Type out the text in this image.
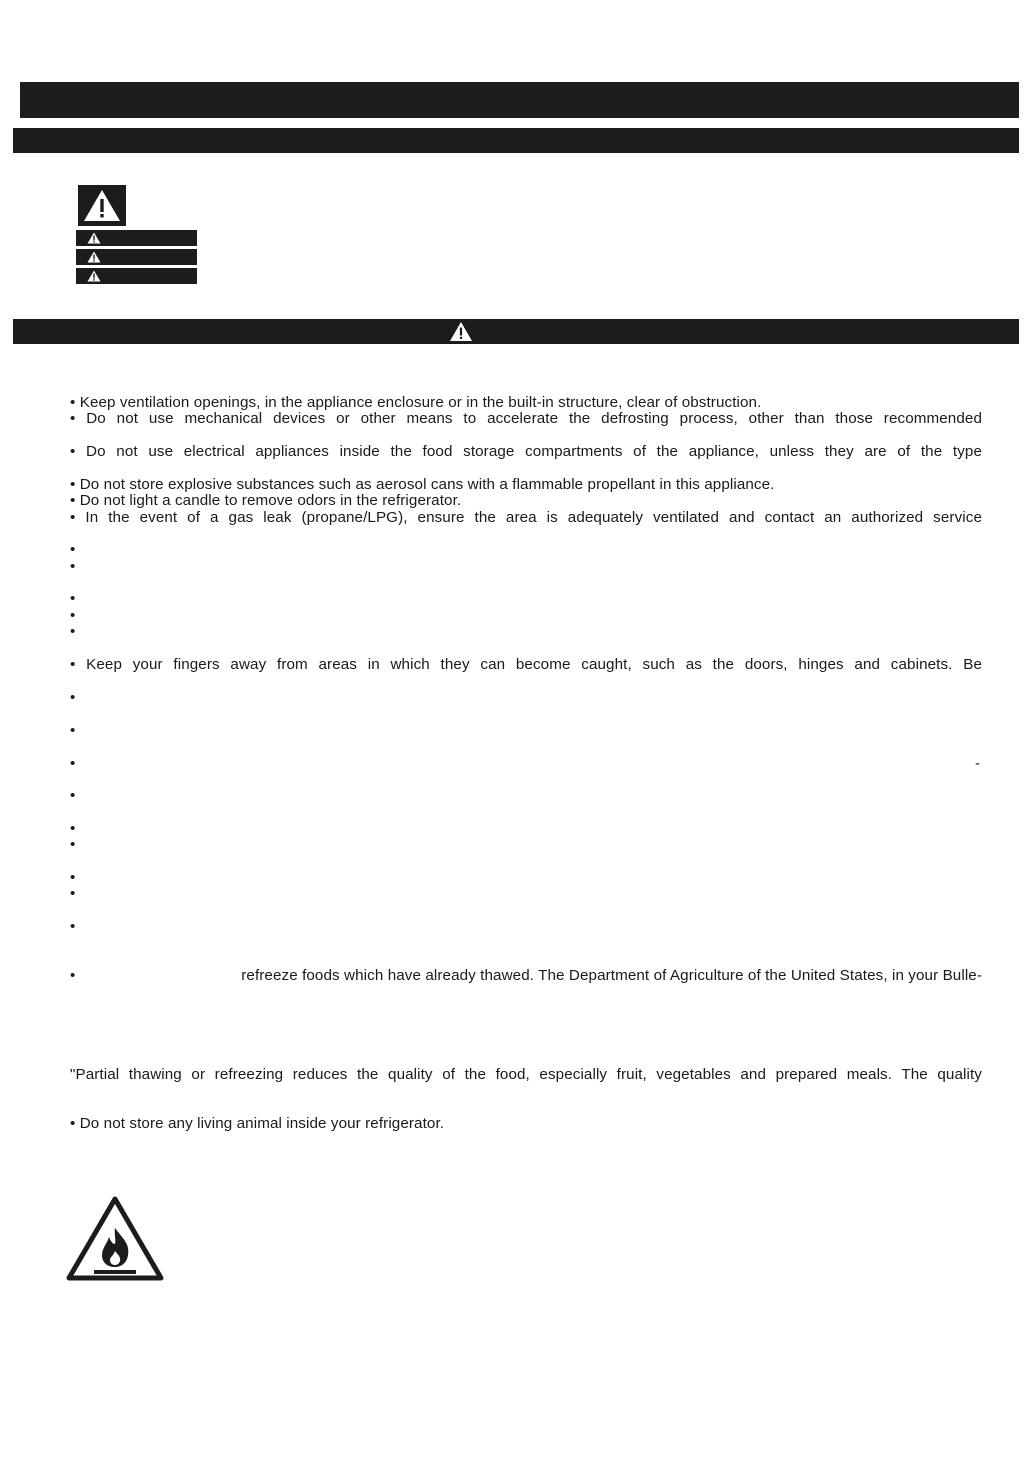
• Keep ventilation openings, in the appliance enclosure or in the built-in structure, clear of obstruction.
• Do not use mechanical devices or other means to accelerate the defrosting process, other than those recommended
• Do not use electrical appliances inside the food storage compartments of the appliance, unless they are of the type
• Do not store explosive substances such as aerosol cans with a flammable propellant in this appliance.
• Do not light a candle to remove odors in the refrigerator.
• In the event of a gas leak (propane/LPG), ensure the area is adequately ventilated and contact an authorized service
•
•
•
•
•
• Keep your fingers away from areas in which they can become caught, such as the doors, hinges and cabinets. Be
•
•
•	-
•
•
•
•
•
•
•	refreeze foods which have already thawed. The Department of Agriculture of the United States, in your Bulle-
"Partial thawing or refreezing reduces the quality of the food, especially fruit, vegetables and prepared meals. The quality
• Do not store any living animal inside your refrigerator.
